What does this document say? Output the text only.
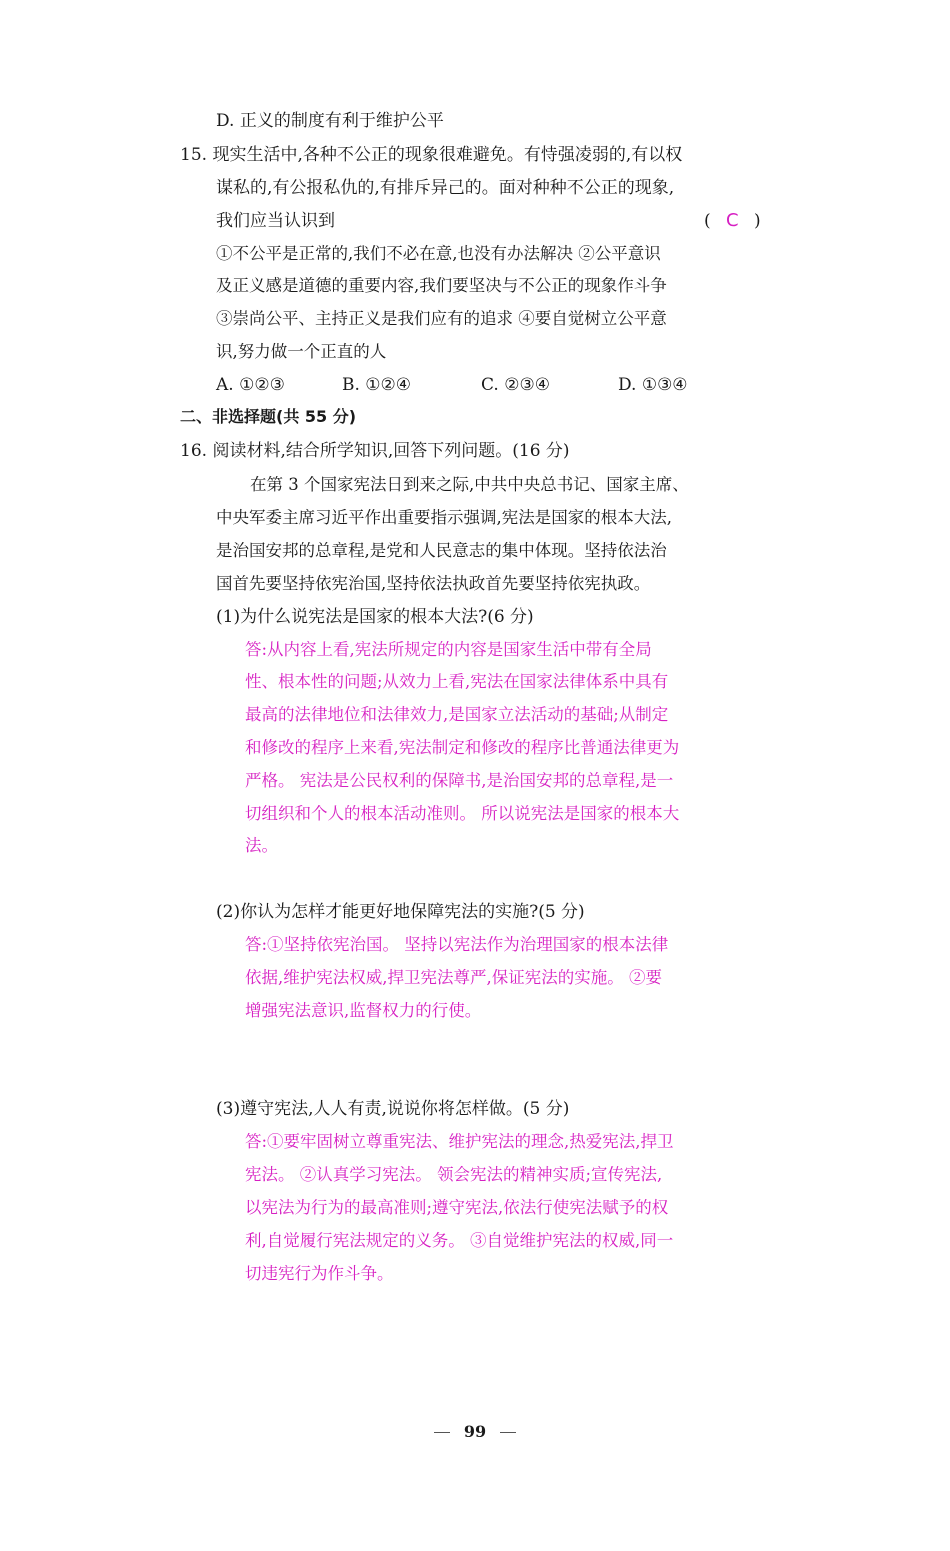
D. 正义的制度有利于维护公平
15. 现实生活中,各种不公正的现象很难避免。有恃强凌弱的,有以权
谋私的,有公报私仇的,有排斥异己的。面对种种不公正的现象,
我们应当认识到	( C )
①不公平是正常的,我们不必在意,也没有办法解决 ②公平意识
及正义感是道德的重要内容,我们要坚决与不公正的现象作斗争
③崇尚公平、主持正义是我们应有的追求 ④要自觉树立公平意
识,努力做一个正直的人
A. ①②③	B. ①②④	C. ②③④	D. ①③④
二、非选择题(共 55 分)
16. 阅读材料,结合所学知识,回答下列问题。(16 分)
在第 3 个国家宪法日到来之际,中共中央总书记、国家主席、
中央军委主席习近平作出重要指示强调,宪法是国家的根本大法,
是治国安邦的总章程,是党和人民意志的集中体现。坚持依法治
国首先要坚持依宪治国,坚持依法执政首先要坚持依宪执政。
(1)为什么说宪法是国家的根本大法?(6 分)
答:从内容上看,宪法所规定的内容是国家生活中带有全局
性、根本性的问题;从效力上看,宪法在国家法律体系中具有
最高的法律地位和法律效力,是国家立法活动的基础;从制定
和修改的程序上来看,宪法制定和修改的程序比普通法律更为
严格。 宪法是公民权利的保障书,是治国安邦的总章程,是一
切组织和个人的根本活动准则。 所以说宪法是国家的根本大
法。
(2)你认为怎样才能更好地保障宪法的实施?(5 分)
答:①坚持依宪治国。 坚持以宪法作为治理国家的根本法律
依据,维护宪法权威,捍卫宪法尊严,保证宪法的实施。 ②要
增强宪法意识,监督权力的行使。
(3)遵守宪法,人人有责,说说你将怎样做。(5 分)
答:①要牢固树立尊重宪法、维护宪法的理念,热爱宪法,捍卫
宪法。 ②认真学习宪法。 领会宪法的精神实质;宣传宪法,
以宪法为行为的最高准则;遵守宪法,依法行使宪法赋予的权
利,自觉履行宪法规定的义务。 ③自觉维护宪法的权威,同一
切违宪行为作斗争。
99
